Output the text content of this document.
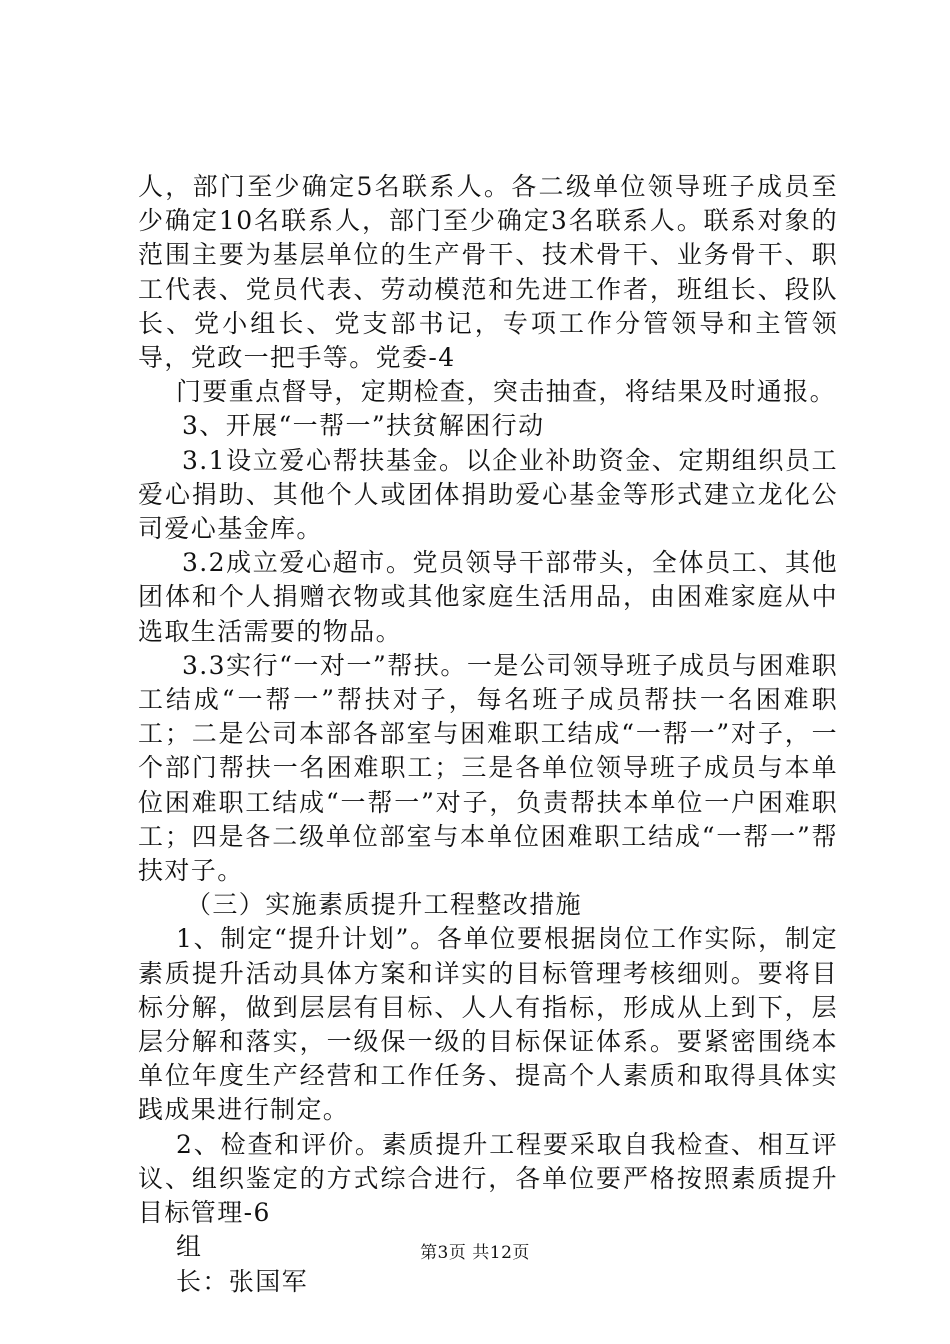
人，部门至少确定5名联系人。各二级单位领导班子成员至少确定10名联系人，部门至少确定3名联系人。联系对象的范围主要为基层单位的生产骨干、技术骨干、业务骨干、职工代表、党员代表、劳动模范和先进工作者，班组长、段队长、党小组长、党支部书记，专项工作分管领导和主管领导，党政一把手等。党委-4

门要重点督导，定期检查，突击抽查，将结果及时通报。

3、开展“一帮一”扶贫解困行动

3.1设立爱心帮扶基金。以企业补助资金、定期组织员工爱心捐助、其他个人或团体捐助爱心基金等形式建立龙化公司爱心基金库。

3.2成立爱心超市。党员领导干部带头，全体员工、其他团体和个人捐赠衣物或其他家庭生活用品，由困难家庭从中选取生活需要的物品。

3.3实行“一对一”帮扶。一是公司领导班子成员与困难职工结成“一帮一”帮扶对子，每名班子成员帮扶一名困难职工；二是公司本部各部室与困难职工结成“一帮一”对子，一个部门帮扶一名困难职工；三是各单位领导班子成员与本单位困难职工结成“一帮一”对子，负责帮扶本单位一户困难职工；四是各二级单位部室与本单位困难职工结成“一帮一”帮扶对子。

（三）实施素质提升工程整改措施

1、制定“提升计划”。各单位要根据岗位工作实际，制定素质提升活动具体方案和详实的目标管理考核细则。要将目标分解，做到层层有目标、人人有指标，形成从上到下，层层分解和落实，一级保一级的目标保证体系。要紧密围绕本单位年度生产经营和工作任务、提高个人素质和取得具体实践成果进行制定。

2、检查和评价。素质提升工程要采取自我检查、相互评议、组织鉴定的方式综合进行，各单位要严格按照素质提升目标管理-6

组

长：张国军

第3页 共12页
